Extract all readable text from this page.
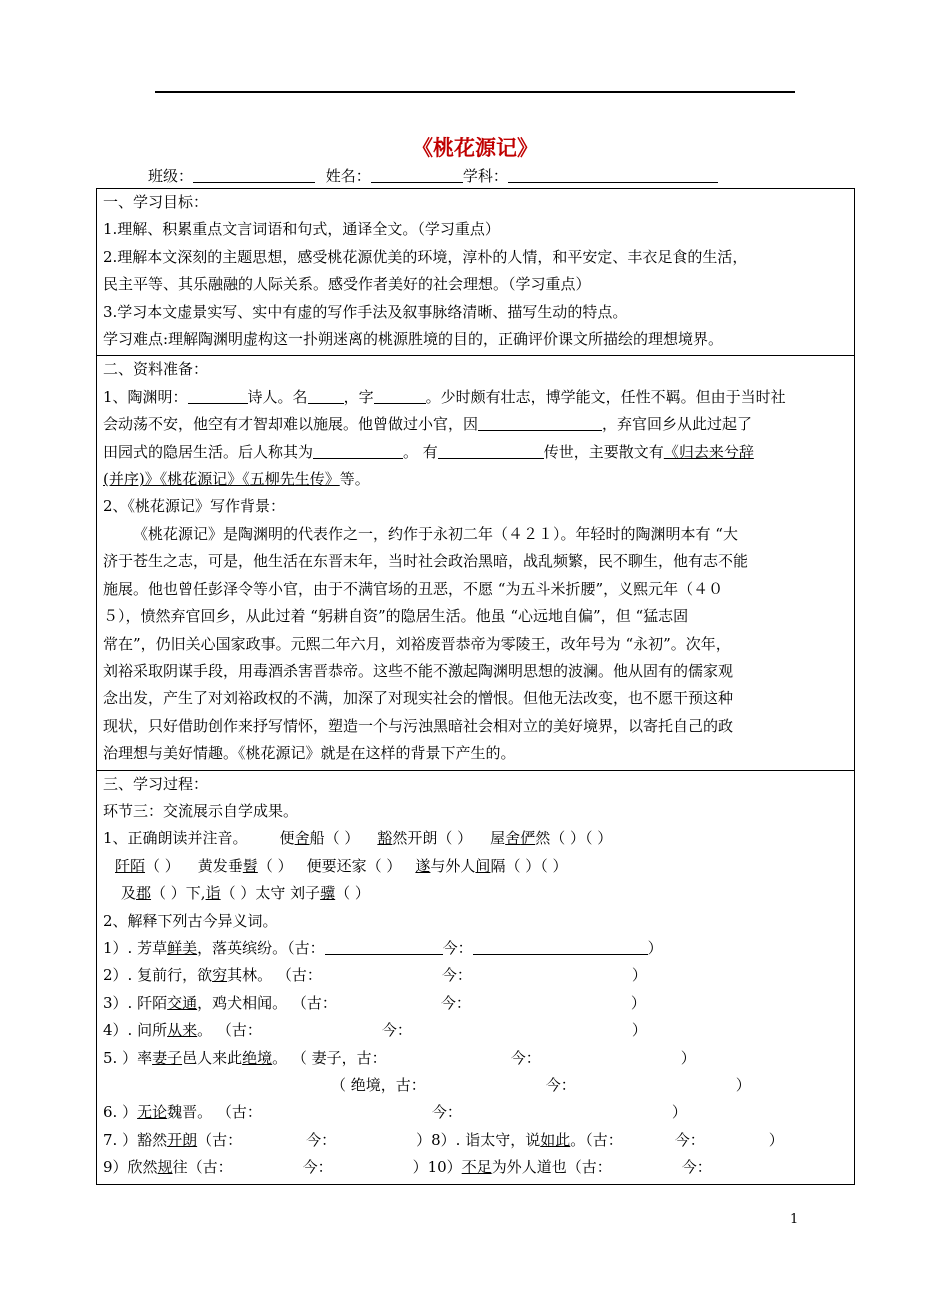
《桃花源记》
班级：	姓名：	学科：
一、学习目标：
1.理解、积累重点文言词语和句式，通译全文。（学习重点）
2.理解本文深刻的主题思想，感受桃花源优美的环境，淳朴的人情，和平安定、丰衣足食的生活，
民主平等、其乐融融的人际关系。感受作者美好的社会理想。（学习重点）
3.学习本文虚景实写、实中有虚的写作手法及叙事脉络清晰、描写生动的特点。
学习难点:理解陶渊明虚构这一扑朔迷离的桃源胜境的目的，正确评价课文所描绘的理想境界。

二、资料准备：
1、陶渊明：	诗人。名 ，字	。少时颇有壮志，博学能文，任性不羁。但由于当时社
会动荡不安，他空有才智却难以施展。他曾做过小官，因	，弃官回乡从此过起了
田园式的隐居生活。后人称其为	。 有	传世，主要散文有《归去来兮辞
(并序)》《桃花源记》《五柳先生传》等。
2、《桃花源记》写作背景：
《桃花源记》是陶渊明的代表作之一，约作于永初二年（４２１）。年轻时的陶渊明本有 “大
济于苍生之志，可是，他生活在东晋末年，当时社会政治黑暗，战乱频繁，民不聊生，他有志不能
施展。他也曾任彭泽令等小官，由于不满官场的丑恶，不愿 “为五斗米折腰”，义熙元年（４０
５），愤然弃官回乡，从此过着 “躬耕自资”的隐居生活。他虽 “心远地自偏”，但 “猛志固
常在”，仍旧关心国家政事。元熙二年六月，刘裕废晋恭帝为零陵王，改年号为 “永初”。次年，
刘裕采取阴谋手段，用毒酒杀害晋恭帝。这些不能不激起陶渊明思想的波澜。他从固有的儒家观
念出发，产生了对刘裕政权的不满，加深了对现实社会的憎恨。但他无法改变，也不愿干预这种
现状，只好借助创作来抒写情怀，塑造一个与污浊黑暗社会相对立的美好境界，以寄托自己的政
治理想与美好情趣。《桃花源记》就是在这样的背景下产生的。

三、学习过程：
环节三：交流展示自学成果。
1、正确朗读并注音。 便舍船（ ） 豁然开朗（ ） 屋舍俨然（ ）（ ）
阡陌（ ） 黄发垂髫（ ） 便要还家（ ） 遂与外人间隔（ ）（ ）
及郡（ ）下,诣（ ）太守 刘子骥（ ）
2、解释下列古今异义词。
1）. 芳草鲜美，落英缤纷。（古：	今：	）
2）. 复前行，欲穷其林。 （古：	今：	）
3）. 阡陌交通，鸡犬相闻。 （古：	今：	）
4）. 问所从来。 （古：	今：	）
5. ）率妻子邑人来此绝境。 （ 妻子，古：	今：	）
（ 绝境，古：	今：	）
6. ）无论魏晋。 （古：	今：	）
7. ）豁然开朗（古：	今：	）8）. 诣太守，说如此。（古：	今：	）
9）欣然规往（古：	今：	）10）不足为外人道也（古：	今：
1
